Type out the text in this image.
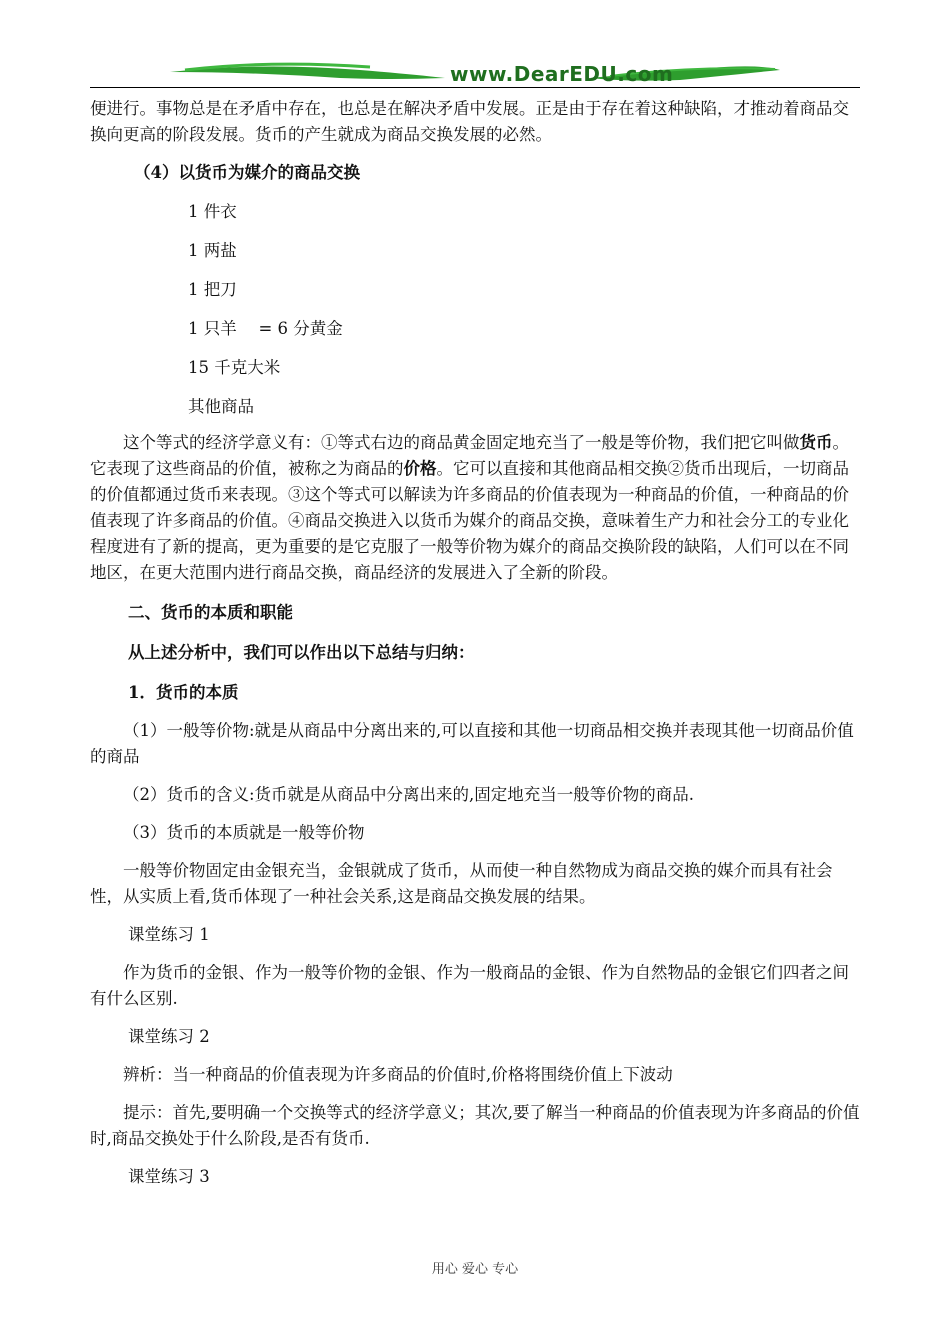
www.DearEDU.com

便进行。事物总是在矛盾中存在，也总是在解决矛盾中发展。正是由于存在着这种缺陷，才推动着商品交换向更高的阶段发展。货币的产生就成为商品交换发展的必然。

（4）以货币为媒介的商品交换

1 件衣

1 两盐

1 把刀

1 只羊　 = 6 分黄金

15 千克大米

其他商品

这个等式的经济学意义有：①等式右边的商品黄金固定地充当了一般是等价物，我们把它叫做货币。它表现了这些商品的价值，被称之为商品的价格。它可以直接和其他商品相交换②货币出现后，一切商品的价值都通过货币来表现。③这个等式可以解读为许多商品的价值表现为一种商品的价值，一种商品的价值表现了许多商品的价值。④商品交换进入以货币为媒介的商品交换，意味着生产力和社会分工的专业化程度进有了新的提高，更为重要的是它克服了一般等价物为媒介的商品交换阶段的缺陷，人们可以在不同地区，在更大范围内进行商品交换，商品经济的发展进入了全新的阶段。

二、货币的本质和职能

从上述分析中，我们可以作出以下总结与归纳：

1．货币的本质

（1）一般等价物:就是从商品中分离出来的,可以直接和其他一切商品相交换并表现其他一切商品价值的商品

（2）货币的含义:货币就是从商品中分离出来的,固定地充当一般等价物的商品.

（3）货币的本质就是一般等价物

一般等价物固定由金银充当，金银就成了货币，从而使一种自然物成为商品交换的媒介而具有社会性，从实质上看,货币体现了一种社会关系,这是商品交换发展的结果。

课堂练习 1

作为货币的金银、作为一般等价物的金银、作为一般商品的金银、作为自然物品的金银它们四者之间有什么区别.

课堂练习 2

辨析：当一种商品的价值表现为许多商品的价值时,价格将围绕价值上下波动

提示：首先,要明确一个交换等式的经济学意义；其次,要了解当一种商品的价值表现为许多商品的价值时,商品交换处于什么阶段,是否有货币.

课堂练习 3

用心 爱心 专心
